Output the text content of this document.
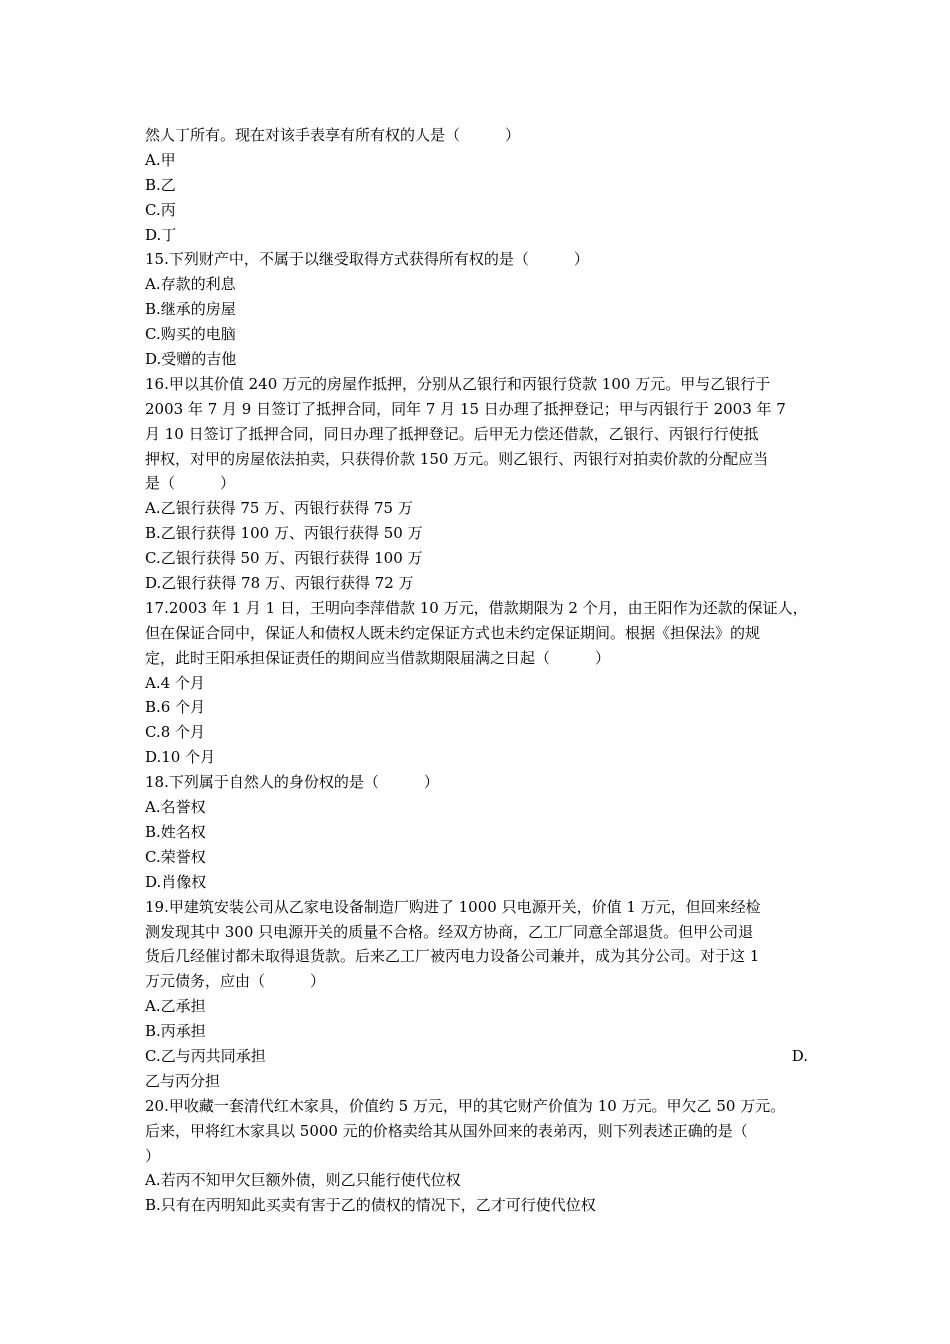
然人丁所有。现在对该手表享有所有权的人是（　　　）
A.甲
B.乙
C.丙
D.丁
15.下列财产中，不属于以继受取得方式获得所有权的是（　　　）
A.存款的利息
B.继承的房屋
C.购买的电脑
D.受赠的吉他
16.甲以其价值 240 万元的房屋作抵押，分别从乙银行和丙银行贷款 100 万元。甲与乙银行于
2003 年 7 月 9 日签订了抵押合同，同年 7 月 15 日办理了抵押登记；甲与丙银行于 2003 年 7
月 10 日签订了抵押合同，同日办理了抵押登记。后甲无力偿还借款，乙银行、丙银行行使抵
押权，对甲的房屋依法拍卖，只获得价款 150 万元。则乙银行、丙银行对拍卖价款的分配应当
是（　　　）
A.乙银行获得 75 万、丙银行获得 75 万
B.乙银行获得 100 万、丙银行获得 50 万
C.乙银行获得 50 万、丙银行获得 100 万
D.乙银行获得 78 万、丙银行获得 72 万
17.2003 年 1 月 1 日，王明向李萍借款 10 万元，借款期限为 2 个月，由王阳作为还款的保证人，
但在保证合同中，保证人和债权人既未约定保证方式也未约定保证期间。根据《担保法》的规
定，此时王阳承担保证责任的期间应当借款期限届满之日起（　　　）
A.4 个月
B.6 个月
C.8 个月
D.10 个月
18.下列属于自然人的身份权的是（　　　）
A.名誉权
B.姓名权
C.荣誉权
D.肖像权
19.甲建筑安装公司从乙家电设备制造厂购进了 1000 只电源开关，价值 1 万元，但回来经检
测发现其中 300 只电源开关的质量不合格。经双方协商，乙工厂同意全部退货。但甲公司退
货后几经催讨都未取得退货款。后来乙工厂被丙电力设备公司兼并，成为其分公司。对于这 1
万元债务，应由（　　　）
A.乙承担
B.丙承担
C.乙与丙共同承担	D.
乙与丙分担
20.甲收藏一套清代红木家具，价值约 5 万元，甲的其它财产价值为 10 万元。甲欠乙 50 万元。
后来，甲将红木家具以 5000 元的价格卖给其从国外回来的表弟丙，则下列表述正确的是（
）
A.若丙不知甲欠巨额外债，则乙只能行使代位权
B.只有在丙明知此买卖有害于乙的债权的情况下，乙才可行使代位权
